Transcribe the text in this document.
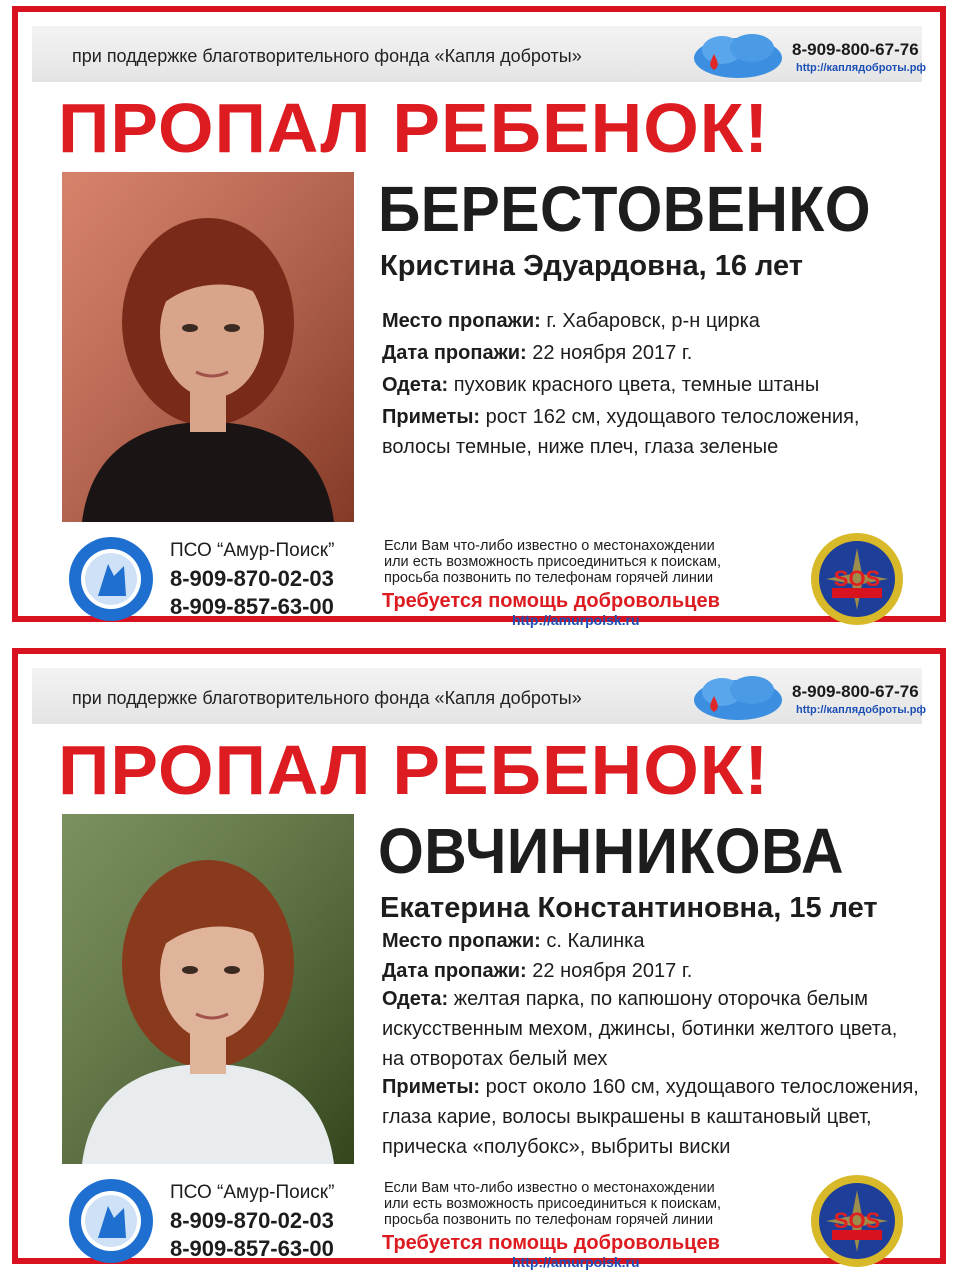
при поддержке благотворительного фонда «Капля доброты»	8-909-800-67-76
http://каплядоброты.рф
ПРОПАЛ РЕБЕНОК!
БЕРЕСТОВЕНКО
Кристина Эдуардовна, 16 лет
Место пропажи: г. Хабаровск, р-н цирка
Дата пропажи: 22 ноября 2017 г.
Одета: пуховик красного цвета, темные штаны
Приметы: рост 162 см, худощавого телосложения,
волосы темные, ниже плеч, глаза зеленые
ПСО “Амур-Поиск”
8-909-870-02-03
8-909-857-63-00
Если Вам что-либо известно о местонахождении
или есть возможность присоединиться к поискам,
просьба позвонить по телефонам горячей линии
Требуется помощь добровольцев
http://amurpoisk.ru
SOS
при поддержке благотворительного фонда «Капля доброты»	8-909-800-67-76
http://каплядоброты.рф
ПРОПАЛ РЕБЕНОК!
ОВЧИННИКОВА
Екатерина Константиновна, 15 лет
Место пропажи: с. Калинка
Дата пропажи: 22 ноября 2017 г.
Одета: желтая парка, по капюшону оторочка белым
искусственным мехом, джинсы, ботинки желтого цвета,
на отворотах белый мех
Приметы: рост около 160 см, худощавого телосложения,
глаза карие, волосы выкрашены в каштановый цвет,
прическа «полубокс», выбриты виски
ПСО “Амур-Поиск”
8-909-870-02-03
8-909-857-63-00
Если Вам что-либо известно о местонахождении
или есть возможность присоединиться к поискам,
просьба позвонить по телефонам горячей линии
Требуется помощь добровольцев
http://amurpoisk.ru
SOS
